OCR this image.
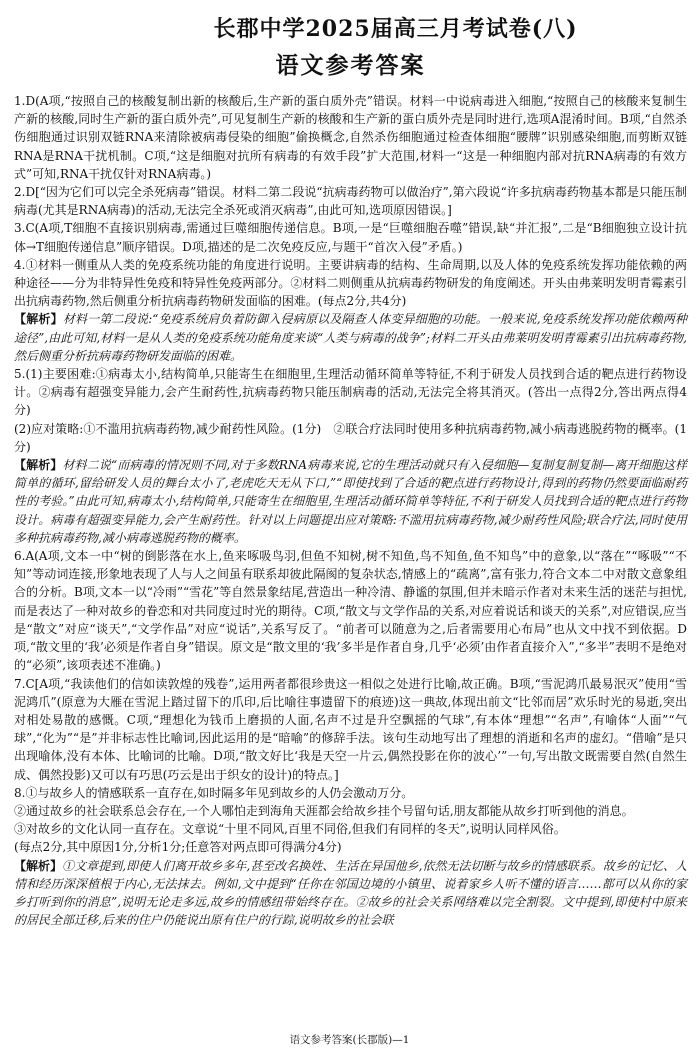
长郡中学2025届高三月考试卷(八)
语文参考答案
1.D(A项,“按照自己的核酸复制出新的核酸后,生产新的蛋白质外壳”错误。材料一中说病毒进入细胞,“按照自己的核酸来复制生产新的核酸,同时生产新的蛋白质外壳”,可见复制生产新的核酸和生产新的蛋白质外壳是同时进行,选项A混淆时间。B项,“自然杀伤细胞通过识别双链RNA来清除被病毒侵染的细胞”偷换概念,自然杀伤细胞通过检查体细胞“腰牌”识别感染细胞,而剪断双链RNA是RNA干扰机制。C项,“这是细胞对抗所有病毒的有效手段”扩大范围,材料一“这是一种细胞内部对抗RNA病毒的有效方式”可知,RNA干扰仅针对RNA病毒。)
2.D[“因为它们可以完全杀死病毒”错误。材料二第二段说“抗病毒药物可以做治疗”,第六段说“许多抗病毒药物基本都是只能压制病毒(尤其是RNA病毒)的活动,无法完全杀死或消灭病毒”,由此可知,选项原因错误。]
3.C(A项,T细胞不直接识别病毒,需通过巨噬细胞传递信息。B项,一是“巨噬细胞吞噬”错误,缺“并汇报”,二是“B细胞独立设计抗体→T细胞传递信息”顺序错误。D项,描述的是二次免疫反应,与题干“首次入侵”矛盾。)
4.①材料一侧重从人类的免疫系统功能的角度进行说明。主要讲病毒的结构、生命周期,以及人体的免疫系统发挥功能依赖的两种途径——分为非特异性免疫和特异性免疫两部分。②材料二则侧重从抗病毒药物研发的角度阐述。开头由弗莱明发明青霉素引出抗病毒药物,然后侧重分析抗病毒药物研发面临的困难。(每点2分,共4分)
【解析】材料一第二段说:“免疫系统肩负着防御入侵病原以及隔查人体变异细胞的功能。一般来说,免疫系统发挥功能依赖两种途径”,由此可知,材料一是从人类的免疫系统功能角度来谈“人类与病毒的战争”;材料二开头由弗莱明发明青霉素引出抗病毒药物,然后侧重分析抗病毒药物研发面临的困难。
5.(1)主要困难:①病毒太小,结构简单,只能寄生在细胞里,生理活动循环简单等特征,不利于研发人员找到合适的靶点进行药物设计。②病毒有超强变异能力,会产生耐药性,抗病毒药物只能压制病毒的活动,无法完全将其消灭。(答出一点得2分,答出两点得4分)
(2)应对策略:①不滥用抗病毒药物,减少耐药性风险。(1分)　②联合疗法同时使用多种抗病毒药物,减小病毒逃脱药物的概率。(1分)
【解析】材料二说“而病毒的情况则不同,对于多数RNA病毒来说,它的生理活动就只有入侵细胞—复制复制复制—离开细胞这样简单的循环,留给研发人员的舞台太小了,老虎吃天无从下口,”“即使找到了合适的靶点进行药物设计,得到的药物仍然要面临耐药性的考验。”由此可知,病毒太小,结构简单,只能寄生在细胞里,生理活动循环简单等特征,不利于研发人员找到合适的靶点进行药物设计。病毒有超强变异能力,会产生耐药性。针对以上问题提出应对策略:不滥用抗病毒药物,减少耐药性风险;联合疗法,同时使用多种抗病毒药物,减小病毒逃脱药物的概率。
6.A(A项,文本一中“树的倒影落在水上,鱼来啄吸鸟羽,但鱼不知树,树不知鱼,鸟不知鱼,鱼不知鸟”中的意象,以“落在”“啄吸”“不知”等动词连接,形象地表现了人与人之间虽有联系却彼此隔阂的复杂状态,情感上的“疏离”,富有张力,符合文本二中对散文意象组合的分析。B项,文本一以“冷雨”“雪花”等自然景象结尾,营造出一种冷清、静谧的氛围,但并未暗示作者对未来生活的迷茫与担忧,而是表达了一种对故乡的眷恋和对共同度过时光的期待。C项,“散文与文学作品的关系,对应着说话和谈天的关系”,对应错误,应当是“散文”对应“谈天”,“文学作品”对应“说话”,关系写反了。“前者可以随意为之,后者需要用心布局”也从文中找不到依据。D项,“散文里的‘我’必须是作者自身”错误。原文是“散文里的‘我’多半是作者自身,几乎‘必须’由作者直接介入”,“多半”表明不是绝对的“必须”,该项表述不准确。)
7.C[A项,“我读他们的信如读敦煌的残卷”,运用两者都很珍贵这一相似之处进行比喻,故正确。B项,“雪泥鸿爪最易泯灭”使用“雪泥鸿爪”(原意为大雁在雪泥上踏过留下的爪印,后比喻往事遗留下的痕迹)这一典故,体现出前文“比邻而居”欢乐时光的易逝,突出对相处易散的感慨。C项,“理想化为钱币上磨损的人面,名声不过是升空飘摇的气球”,有本体“理想”“名声”,有喻体“人面”“气球”,“化为”“是”并非标志性比喻词,因此运用的是“暗喻”的修辞手法。该句生动地写出了理想的消逝和名声的虚幻。“借喻”是只出现喻体,没有本体、比喻词的比喻。D项,“散文好比‘我是天空一片云,偶然投影在你的波心’”一句,写出散文既需要自然(自然生成、偶然投影)又可以有巧思(巧云是出于织女的设计)的特点。]
8.①与故乡人的情感联系一直存在,如时隔多年见到故乡的人仍会激动万分。
②通过故乡的社会联系总会存在,一个人哪怕走到海角天涯都会给故乡挂个号留句话,朋友都能从故乡打听到他的消息。
③对故乡的文化认同一直存在。文章说“十里不同风,百里不同俗,但我们有同样的冬天”,说明认同样风俗。
(每点2分,其中原因1分,分析1分;任意答对两点即可得满分4分)
【解析】①文章提到,即使人们离开故乡多年,甚至改名换姓、生活在异国他乡,依然无法切断与故乡的情感联系。故乡的记忆、人情和经历深深植根于内心,无法抹去。例如,文中提到“任你在邻国边境的小镇里、说着家乡人听不懂的语言……都可以从你的家乡打听到你的消息”,说明无论走多远,故乡的情感纽带始终存在。②故乡的社会关系网络难以完全割裂。文中提到,即使村中原来的居民全部迁移,后来的住户仍能说出原有住户的行踪,说明故乡的社会联
语文参考答案(长郡版)—1
